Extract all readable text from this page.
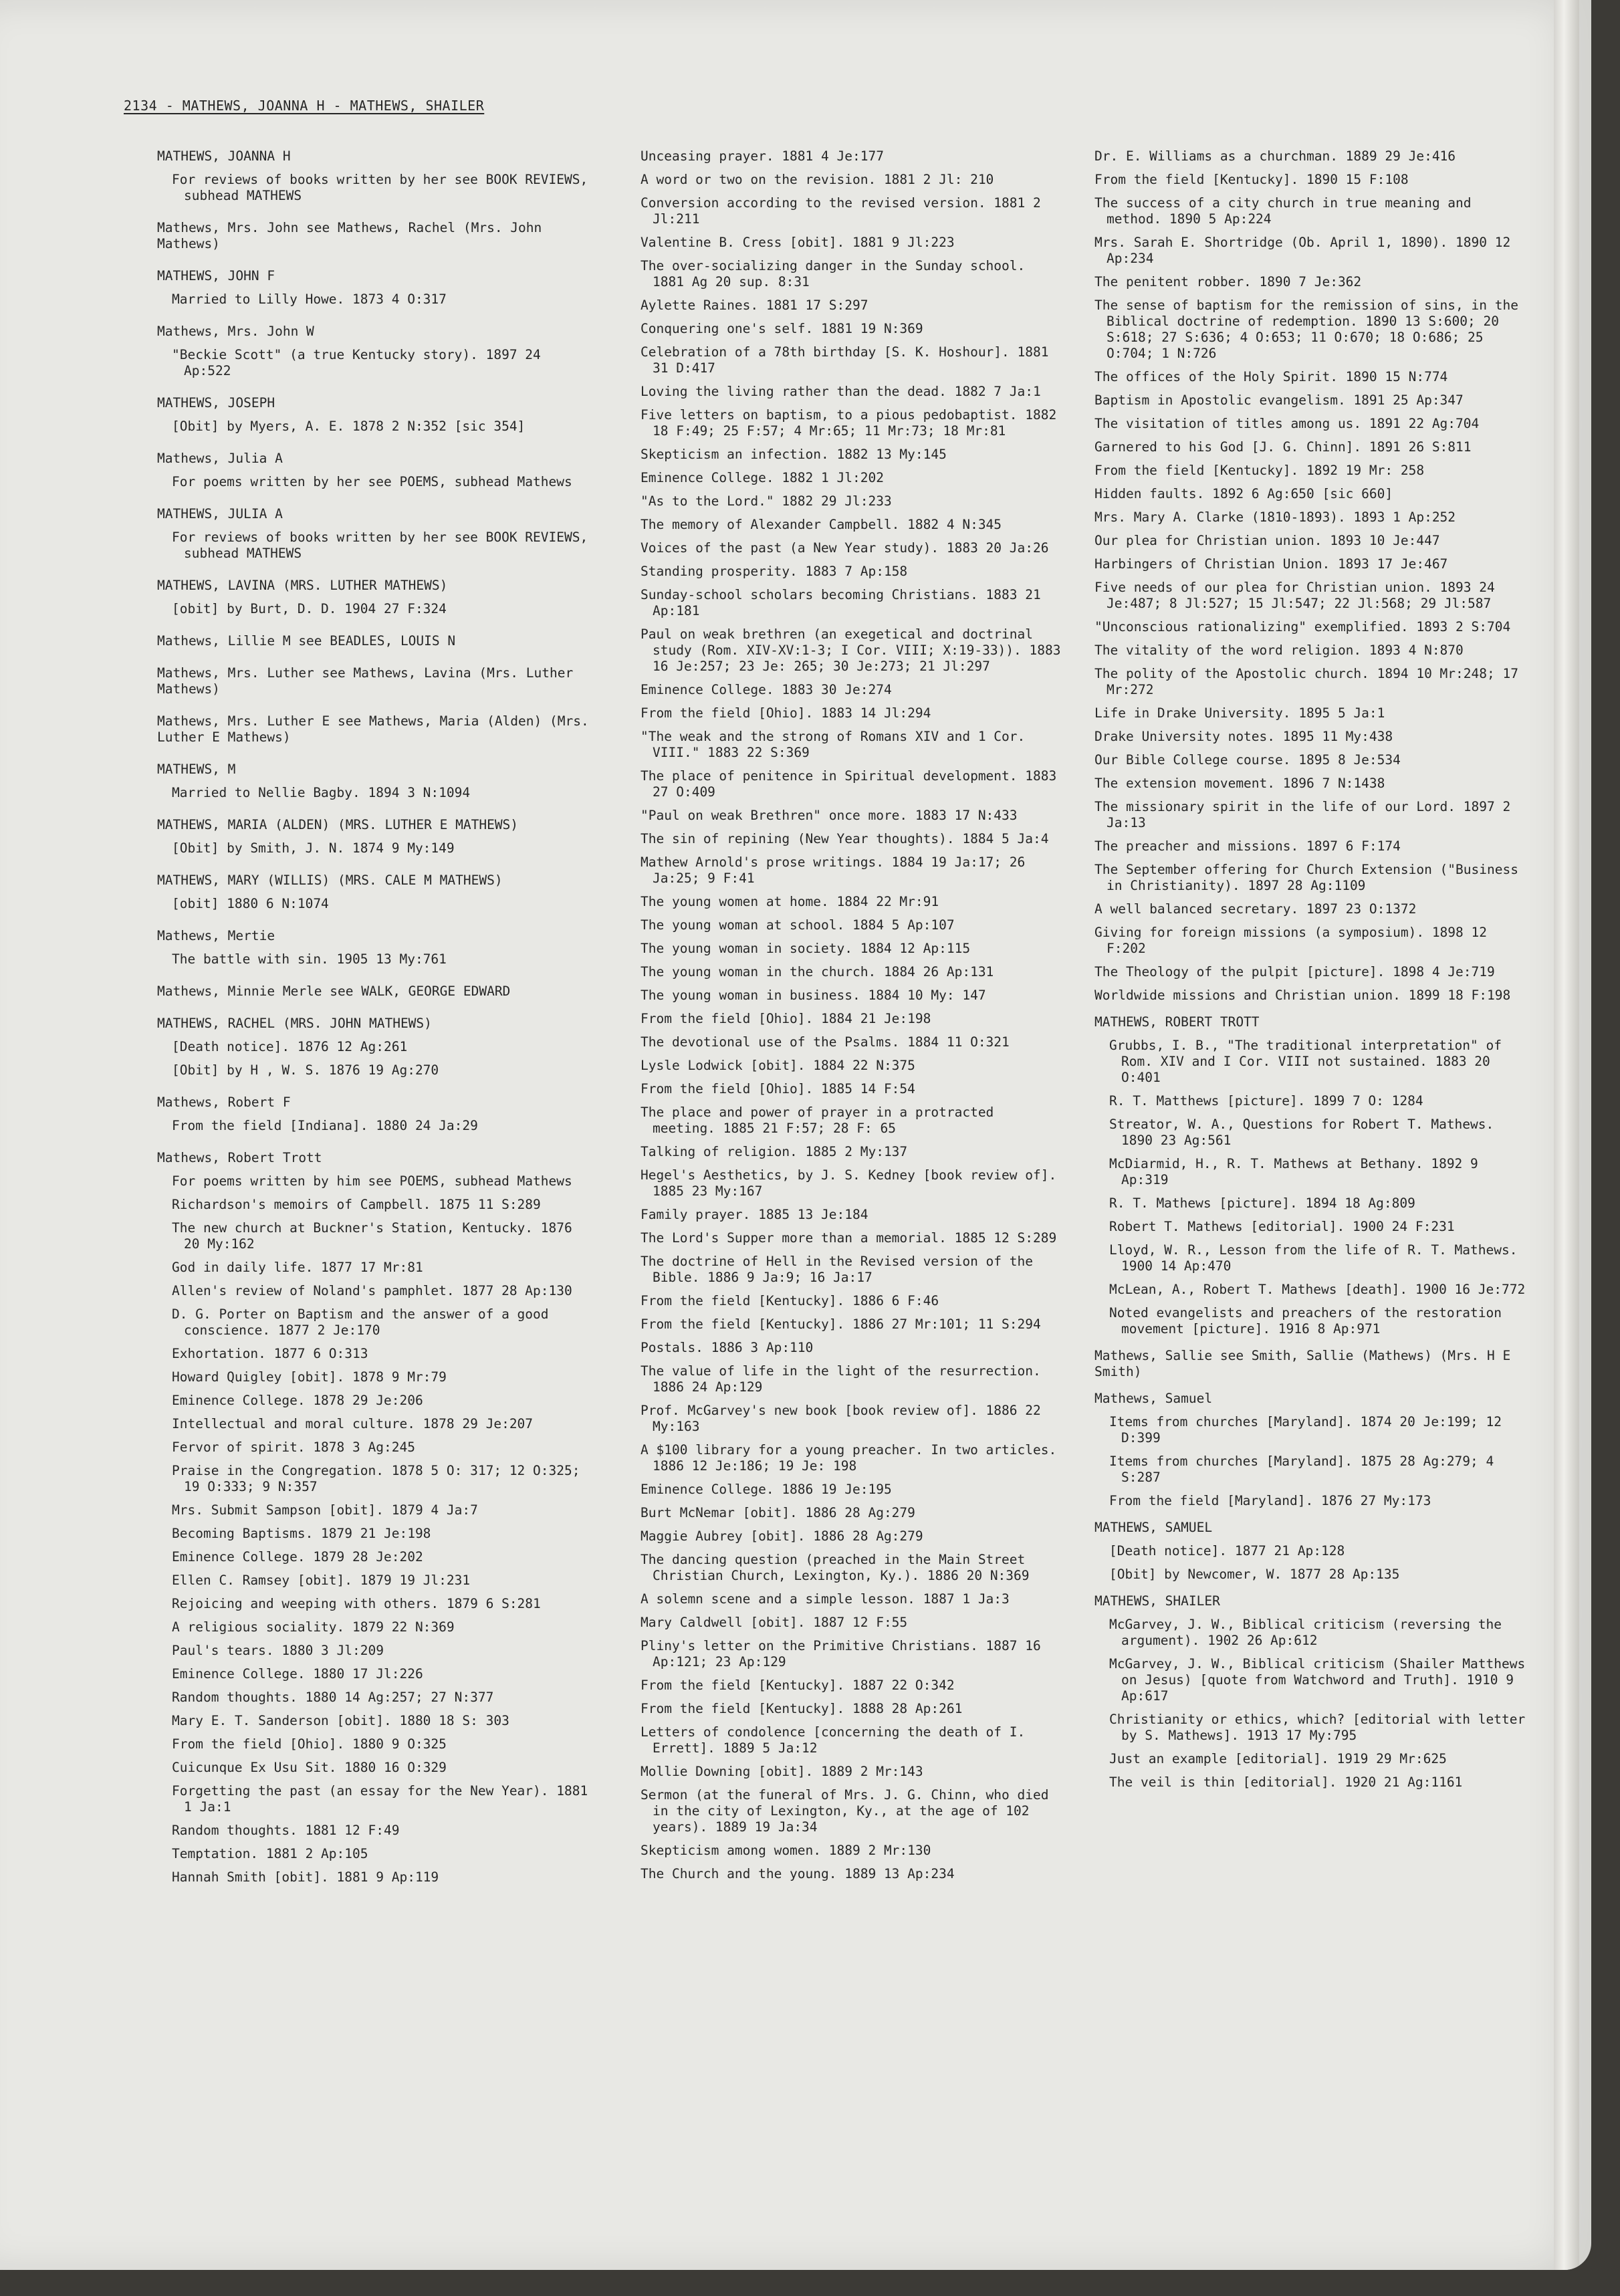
2134 - MATHEWS, JOANNA H - MATHEWS, SHAILER
MATHEWS, JOANNA H
For reviews of books written by her see BOOK REVIEWS, subhead MATHEWS
Mathews, Mrs. John see Mathews, Rachel (Mrs. John Mathews)
MATHEWS, JOHN F
Married to Lilly Howe. 1873 4 O:317
Mathews, Mrs. John W
"Beckie Scott" (a true Kentucky story). 1897 24 Ap:522
MATHEWS, JOSEPH
[Obit] by Myers, A. E. 1878 2 N:352 [sic 354]
Mathews, Julia A
For poems written by her see POEMS, subhead Mathews
MATHEWS, JULIA A
For reviews of books written by her see BOOK REVIEWS, subhead MATHEWS
MATHEWS, LAVINA (MRS. LUTHER MATHEWS)
[obit] by Burt, D. D. 1904 27 F:324
Mathews, Lillie M see BEADLES, LOUIS N
Mathews, Mrs. Luther see Mathews, Lavina (Mrs. Luther Mathews)
Mathews, Mrs. Luther E see Mathews, Maria (Alden) (Mrs. Luther E Mathews)
MATHEWS, M
Married to Nellie Bagby. 1894 3 N:1094
MATHEWS, MARIA (ALDEN) (MRS. LUTHER E MATHEWS)
[Obit] by Smith, J. N. 1874 9 My:149
MATHEWS, MARY (WILLIS) (MRS. CALE M MATHEWS)
[obit] 1880 6 N:1074
Mathews, Mertie
The battle with sin. 1905 13 My:761
Mathews, Minnie Merle see WALK, GEORGE EDWARD
MATHEWS, RACHEL (MRS. JOHN MATHEWS)
[Death notice]. 1876 12 Ag:261
[Obit] by H , W. S. 1876 19 Ag:270
Mathews, Robert F
From the field [Indiana]. 1880 24 Ja:29
Mathews, Robert Trott
For poems written by him see POEMS, subhead Mathews
Richardson's memoirs of Campbell. 1875 11 S:289
The new church at Buckner's Station, Kentucky. 1876 20 My:162
God in daily life. 1877 17 Mr:81
Allen's review of Noland's pamphlet. 1877 28 Ap:130
D. G. Porter on Baptism and the answer of a good conscience. 1877 2 Je:170
Exhortation. 1877 6 O:313
Howard Quigley [obit]. 1878 9 Mr:79
Eminence College. 1878 29 Je:206
Intellectual and moral culture. 1878 29 Je:207
Fervor of spirit. 1878 3 Ag:245
Praise in the Congregation. 1878 5 O: 317; 12 O:325; 19 O:333; 9 N:357
Mrs. Submit Sampson [obit]. 1879 4 Ja:7
Becoming Baptisms. 1879 21 Je:198
Eminence College. 1879 28 Je:202
Ellen C. Ramsey [obit]. 1879 19 Jl:231
Rejoicing and weeping with others. 1879 6 S:281
A religious sociality. 1879 22 N:369
Paul's tears. 1880 3 Jl:209
Eminence College. 1880 17 Jl:226
Random thoughts. 1880 14 Ag:257; 27 N:377
Mary E. T. Sanderson [obit]. 1880 18 S: 303
From the field [Ohio]. 1880 9 O:325
Cuicunque Ex Usu Sit. 1880 16 O:329
Forgetting the past (an essay for the New Year). 1881 1 Ja:1
Random thoughts. 1881 12 F:49
Temptation. 1881 2 Ap:105
Hannah Smith [obit]. 1881 9 Ap:119
Unceasing prayer. 1881 4 Je:177
A word or two on the revision. 1881 2 Jl: 210
Conversion according to the revised version. 1881 2 Jl:211
Valentine B. Cress [obit]. 1881 9 Jl:223
The over-socializing danger in the Sunday school. 1881 Ag 20 sup. 8:31
Aylette Raines. 1881 17 S:297
Conquering one's self. 1881 19 N:369
Celebration of a 78th birthday [S. K. Hoshour]. 1881 31 D:417
Loving the living rather than the dead. 1882 7 Ja:1
Five letters on baptism, to a pious pedobaptist. 1882 18 F:49; 25 F:57; 4 Mr:65; 11 Mr:73; 18 Mr:81
Skepticism an infection. 1882 13 My:145
Eminence College. 1882 1 Jl:202
"As to the Lord." 1882 29 Jl:233
The memory of Alexander Campbell. 1882 4 N:345
Voices of the past (a New Year study). 1883 20 Ja:26
Standing prosperity. 1883 7 Ap:158
Sunday-school scholars becoming Christians. 1883 21 Ap:181
Paul on weak brethren (an exegetical and doctrinal study (Rom. XIV-XV:1-3; I Cor. VIII; X:19-33)). 1883 16 Je:257; 23 Je: 265; 30 Je:273; 21 Jl:297
Eminence College. 1883 30 Je:274
From the field [Ohio]. 1883 14 Jl:294
"The weak and the strong of Romans XIV and 1 Cor. VIII." 1883 22 S:369
The place of penitence in Spiritual development. 1883 27 O:409
"Paul on weak Brethren" once more. 1883 17 N:433
The sin of repining (New Year thoughts). 1884 5 Ja:4
Mathew Arnold's prose writings. 1884 19 Ja:17; 26 Ja:25; 9 F:41
The young women at home. 1884 22 Mr:91
The young woman at school. 1884 5 Ap:107
The young woman in society. 1884 12 Ap:115
The young woman in the church. 1884 26 Ap:131
The young woman in business. 1884 10 My: 147
From the field [Ohio]. 1884 21 Je:198
The devotional use of the Psalms. 1884 11 O:321
Lysle Lodwick [obit]. 1884 22 N:375
From the field [Ohio]. 1885 14 F:54
The place and power of prayer in a protracted meeting. 1885 21 F:57; 28 F: 65
Talking of religion. 1885 2 My:137
Hegel's Aesthetics, by J. S. Kedney [book review of]. 1885 23 My:167
Family prayer. 1885 13 Je:184
The Lord's Supper more than a memorial. 1885 12 S:289
The doctrine of Hell in the Revised version of the Bible. 1886 9 Ja:9; 16 Ja:17
From the field [Kentucky]. 1886 6 F:46
From the field [Kentucky]. 1886 27 Mr:101; 11 S:294
Postals. 1886 3 Ap:110
The value of life in the light of the resurrection. 1886 24 Ap:129
Prof. McGarvey's new book [book review of]. 1886 22 My:163
A $100 library for a young preacher. In two articles. 1886 12 Je:186; 19 Je: 198
Eminence College. 1886 19 Je:195
Burt McNemar [obit]. 1886 28 Ag:279
Maggie Aubrey [obit]. 1886 28 Ag:279
The dancing question (preached in the Main Street Christian Church, Lexington, Ky.). 1886 20 N:369
A solemn scene and a simple lesson. 1887 1 Ja:3
Mary Caldwell [obit]. 1887 12 F:55
Pliny's letter on the Primitive Christians. 1887 16 Ap:121; 23 Ap:129
From the field [Kentucky]. 1887 22 O:342
From the field [Kentucky]. 1888 28 Ap:261
Letters of condolence [concerning the death of I. Errett]. 1889 5 Ja:12
Mollie Downing [obit]. 1889 2 Mr:143
Sermon (at the funeral of Mrs. J. G. Chinn, who died in the city of Lexington, Ky., at the age of 102 years). 1889 19 Ja:34
Skepticism among women. 1889 2 Mr:130
The Church and the young. 1889 13 Ap:234
Dr. E. Williams as a churchman. 1889 29 Je:416
From the field [Kentucky]. 1890 15 F:108
The success of a city church in true meaning and method. 1890 5 Ap:224
Mrs. Sarah E. Shortridge (Ob. April 1, 1890). 1890 12 Ap:234
The penitent robber. 1890 7 Je:362
The sense of baptism for the remission of sins, in the Biblical doctrine of redemption. 1890 13 S:600; 20 S:618; 27 S:636; 4 O:653; 11 O:670; 18 O:686; 25 O:704; 1 N:726
The offices of the Holy Spirit. 1890 15 N:774
Baptism in Apostolic evangelism. 1891 25 Ap:347
The visitation of titles among us. 1891 22 Ag:704
Garnered to his God [J. G. Chinn]. 1891 26 S:811
From the field [Kentucky]. 1892 19 Mr: 258
Hidden faults. 1892 6 Ag:650 [sic 660]
Mrs. Mary A. Clarke (1810-1893). 1893 1 Ap:252
Our plea for Christian union. 1893 10 Je:447
Harbingers of Christian Union. 1893 17 Je:467
Five needs of our plea for Christian union. 1893 24 Je:487; 8 Jl:527; 15 Jl:547; 22 Jl:568; 29 Jl:587
"Unconscious rationalizing" exemplified. 1893 2 S:704
The vitality of the word religion. 1893 4 N:870
The polity of the Apostolic church. 1894 10 Mr:248; 17 Mr:272
Life in Drake University. 1895 5 Ja:1
Drake University notes. 1895 11 My:438
Our Bible College course. 1895 8 Je:534
The extension movement. 1896 7 N:1438
The missionary spirit in the life of our Lord. 1897 2 Ja:13
The preacher and missions. 1897 6 F:174
The September offering for Church Extension ("Business in Christianity). 1897 28 Ag:1109
A well balanced secretary. 1897 23 O:1372
Giving for foreign missions (a symposium). 1898 12 F:202
The Theology of the pulpit [picture]. 1898 4 Je:719
Worldwide missions and Christian union. 1899 18 F:198
MATHEWS, ROBERT TROTT
Grubbs, I. B., "The traditional interpretation" of Rom. XIV and I Cor. VIII not sustained. 1883 20 O:401
R. T. Matthews [picture]. 1899 7 O: 1284
Streator, W. A., Questions for Robert T. Mathews. 1890 23 Ag:561
McDiarmid, H., R. T. Mathews at Bethany. 1892 9 Ap:319
R. T. Mathews [picture]. 1894 18 Ag:809
Robert T. Mathews [editorial]. 1900 24 F:231
Lloyd, W. R., Lesson from the life of R. T. Mathews. 1900 14 Ap:470
McLean, A., Robert T. Mathews [death]. 1900 16 Je:772
Noted evangelists and preachers of the restoration movement [picture]. 1916 8 Ap:971
Mathews, Sallie see Smith, Sallie (Mathews) (Mrs. H E Smith)
Mathews, Samuel
Items from churches [Maryland]. 1874 20 Je:199; 12 D:399
Items from churches [Maryland]. 1875 28 Ag:279; 4 S:287
From the field [Maryland]. 1876 27 My:173
MATHEWS, SAMUEL
[Death notice]. 1877 21 Ap:128
[Obit] by Newcomer, W. 1877 28 Ap:135
MATHEWS, SHAILER
McGarvey, J. W., Biblical criticism (reversing the argument). 1902 26 Ap:612
McGarvey, J. W., Biblical criticism (Shailer Matthews on Jesus) [quote from Watchword and Truth]. 1910 9 Ap:617
Christianity or ethics, which? [editorial with letter by S. Mathews]. 1913 17 My:795
Just an example [editorial]. 1919 29 Mr:625
The veil is thin [editorial]. 1920 21 Ag:1161
